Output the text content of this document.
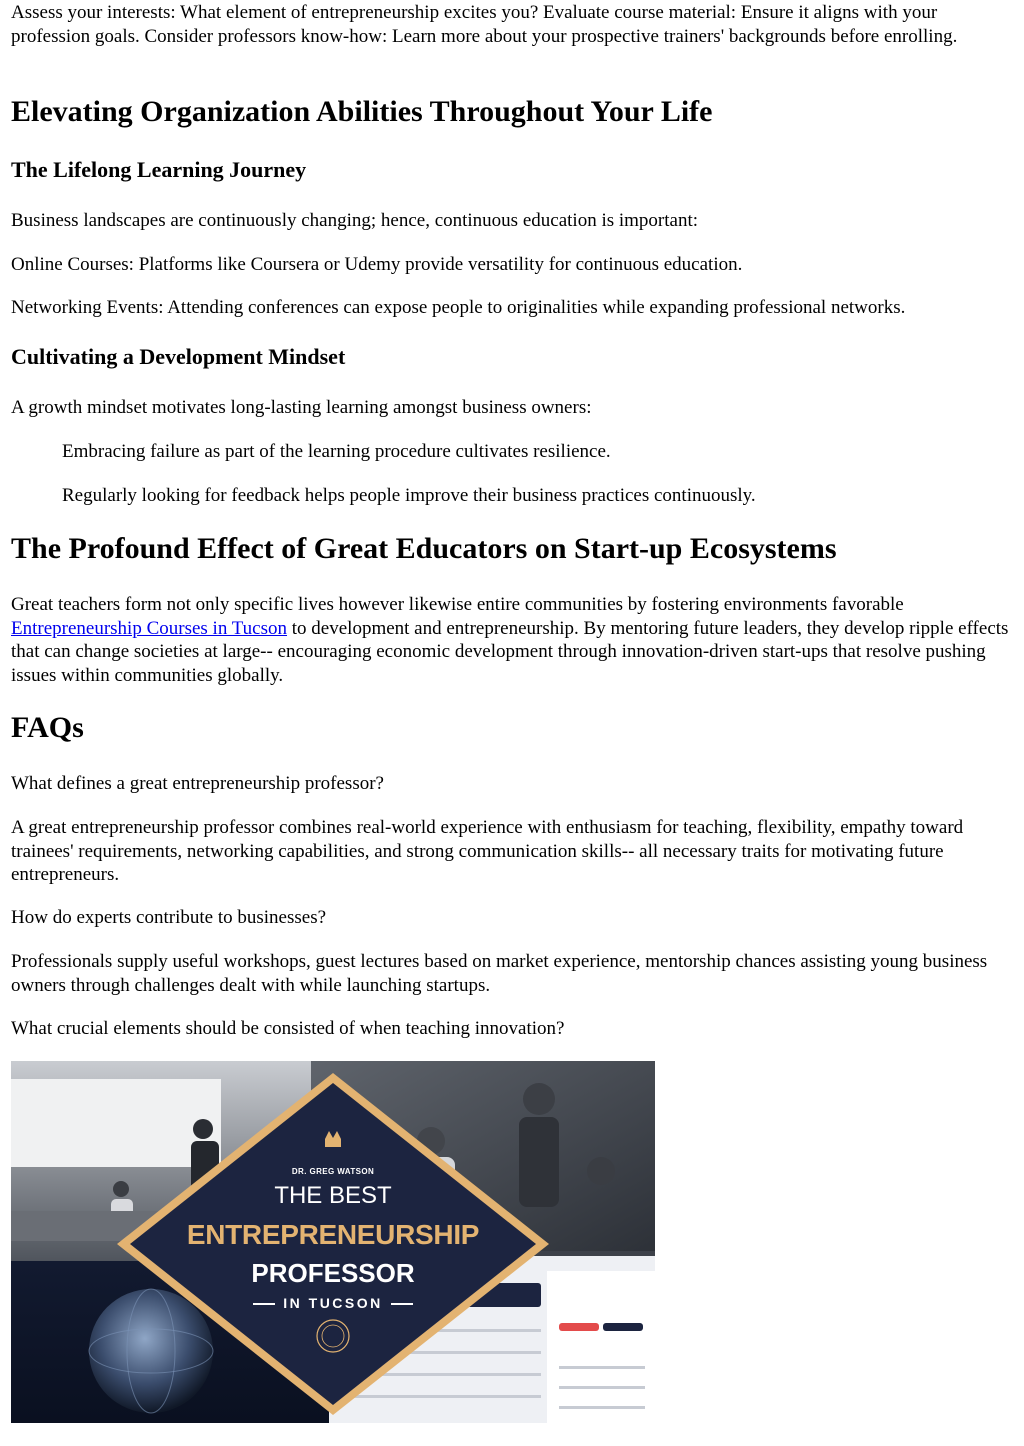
Assess your interests: What element of entrepreneurship excites you? Evaluate course material: Ensure it aligns with your profession goals. Consider professors know-how: Learn more about your prospective trainers' backgrounds before enrolling.

Elevating Organization Abilities Throughout Your Life
The Lifelong Learning Journey

Business landscapes are continuously changing; hence, continuous education is important:

Online Courses: Platforms like Coursera or Udemy provide versatility for continuous education.

Networking Events: Attending conferences can expose people to originalities while expanding professional networks.

Cultivating a Development Mindset

A growth mindset motivates long-lasting learning amongst business owners:

Embracing failure as part of the learning procedure cultivates resilience.

Regularly looking for feedback helps people improve their business practices continuously.

The Profound Effect of Great Educators on Start-up Ecosystems

Great teachers form not only specific lives however likewise entire communities by fostering environments favorable Entrepreneurship Courses in Tucson to development and entrepreneurship. By mentoring future leaders, they develop ripple effects that can change societies at large-- encouraging economic development through innovation-driven start-ups that resolve pushing issues within communities globally.

FAQs

What defines a great entrepreneurship professor?

A great entrepreneurship professor combines real-world experience with enthusiasm for teaching, flexibility, empathy toward trainees' requirements, networking capabilities, and strong communication skills-- all necessary traits for motivating future entrepreneurs.

How do experts contribute to businesses?

Professionals supply useful workshops, guest lectures based on market experience, mentorship chances assisting young business owners through challenges dealt with while launching startups.

What crucial elements should be consisted of when teaching innovation?

DR. GREG WATSON
THE BEST
ENTREPRENEURSHIP
PROFESSOR
IN TUCSON
